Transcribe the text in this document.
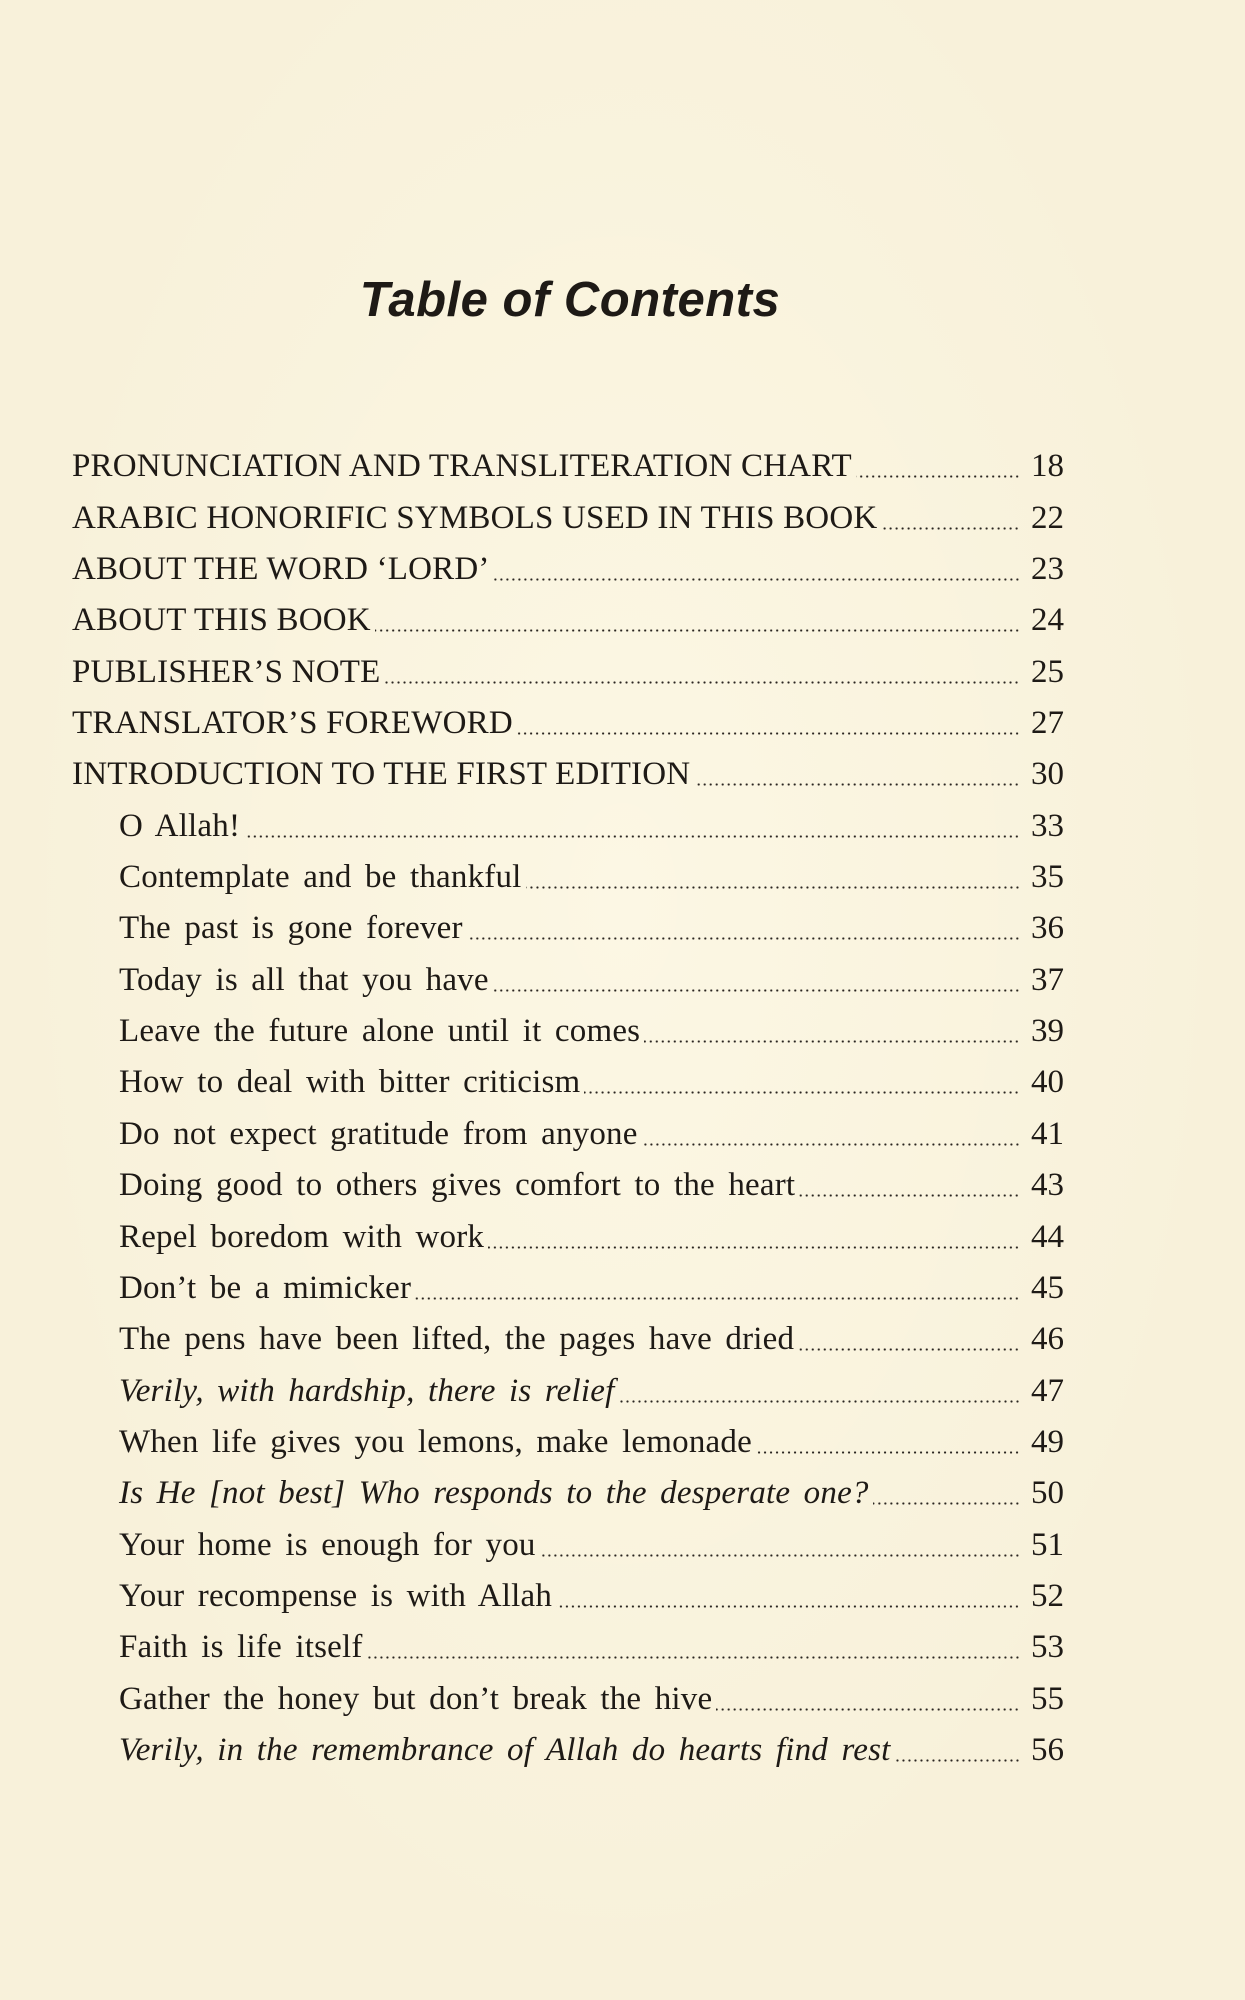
Table of Contents
PRONUNCIATION AND TRANSLITERATION CHART	18
ARABIC HONORIFIC SYMBOLS USED IN THIS BOOK	22
ABOUT THE WORD ‘LORD’	23
ABOUT THIS BOOK	24
PUBLISHER’S NOTE	25
TRANSLATOR’S FOREWORD	27
INTRODUCTION TO THE FIRST EDITION	30
O Allah!	33
Contemplate and be thankful	35
The past is gone forever	36
Today is all that you have	37
Leave the future alone until it comes	39
How to deal with bitter criticism	40
Do not expect gratitude from anyone	41
Doing good to others gives comfort to the heart	43
Repel boredom with work	44
Don’t be a mimicker	45
The pens have been lifted, the pages have dried	46
Verily, with hardship, there is relief	47
When life gives you lemons, make lemonade	49
Is He [not best] Who responds to the desperate one?	50
Your home is enough for you	51
Your recompense is with Allah	52
Faith is life itself	53
Gather the honey but don’t break the hive	55
Verily, in the remembrance of Allah do hearts find rest	56
